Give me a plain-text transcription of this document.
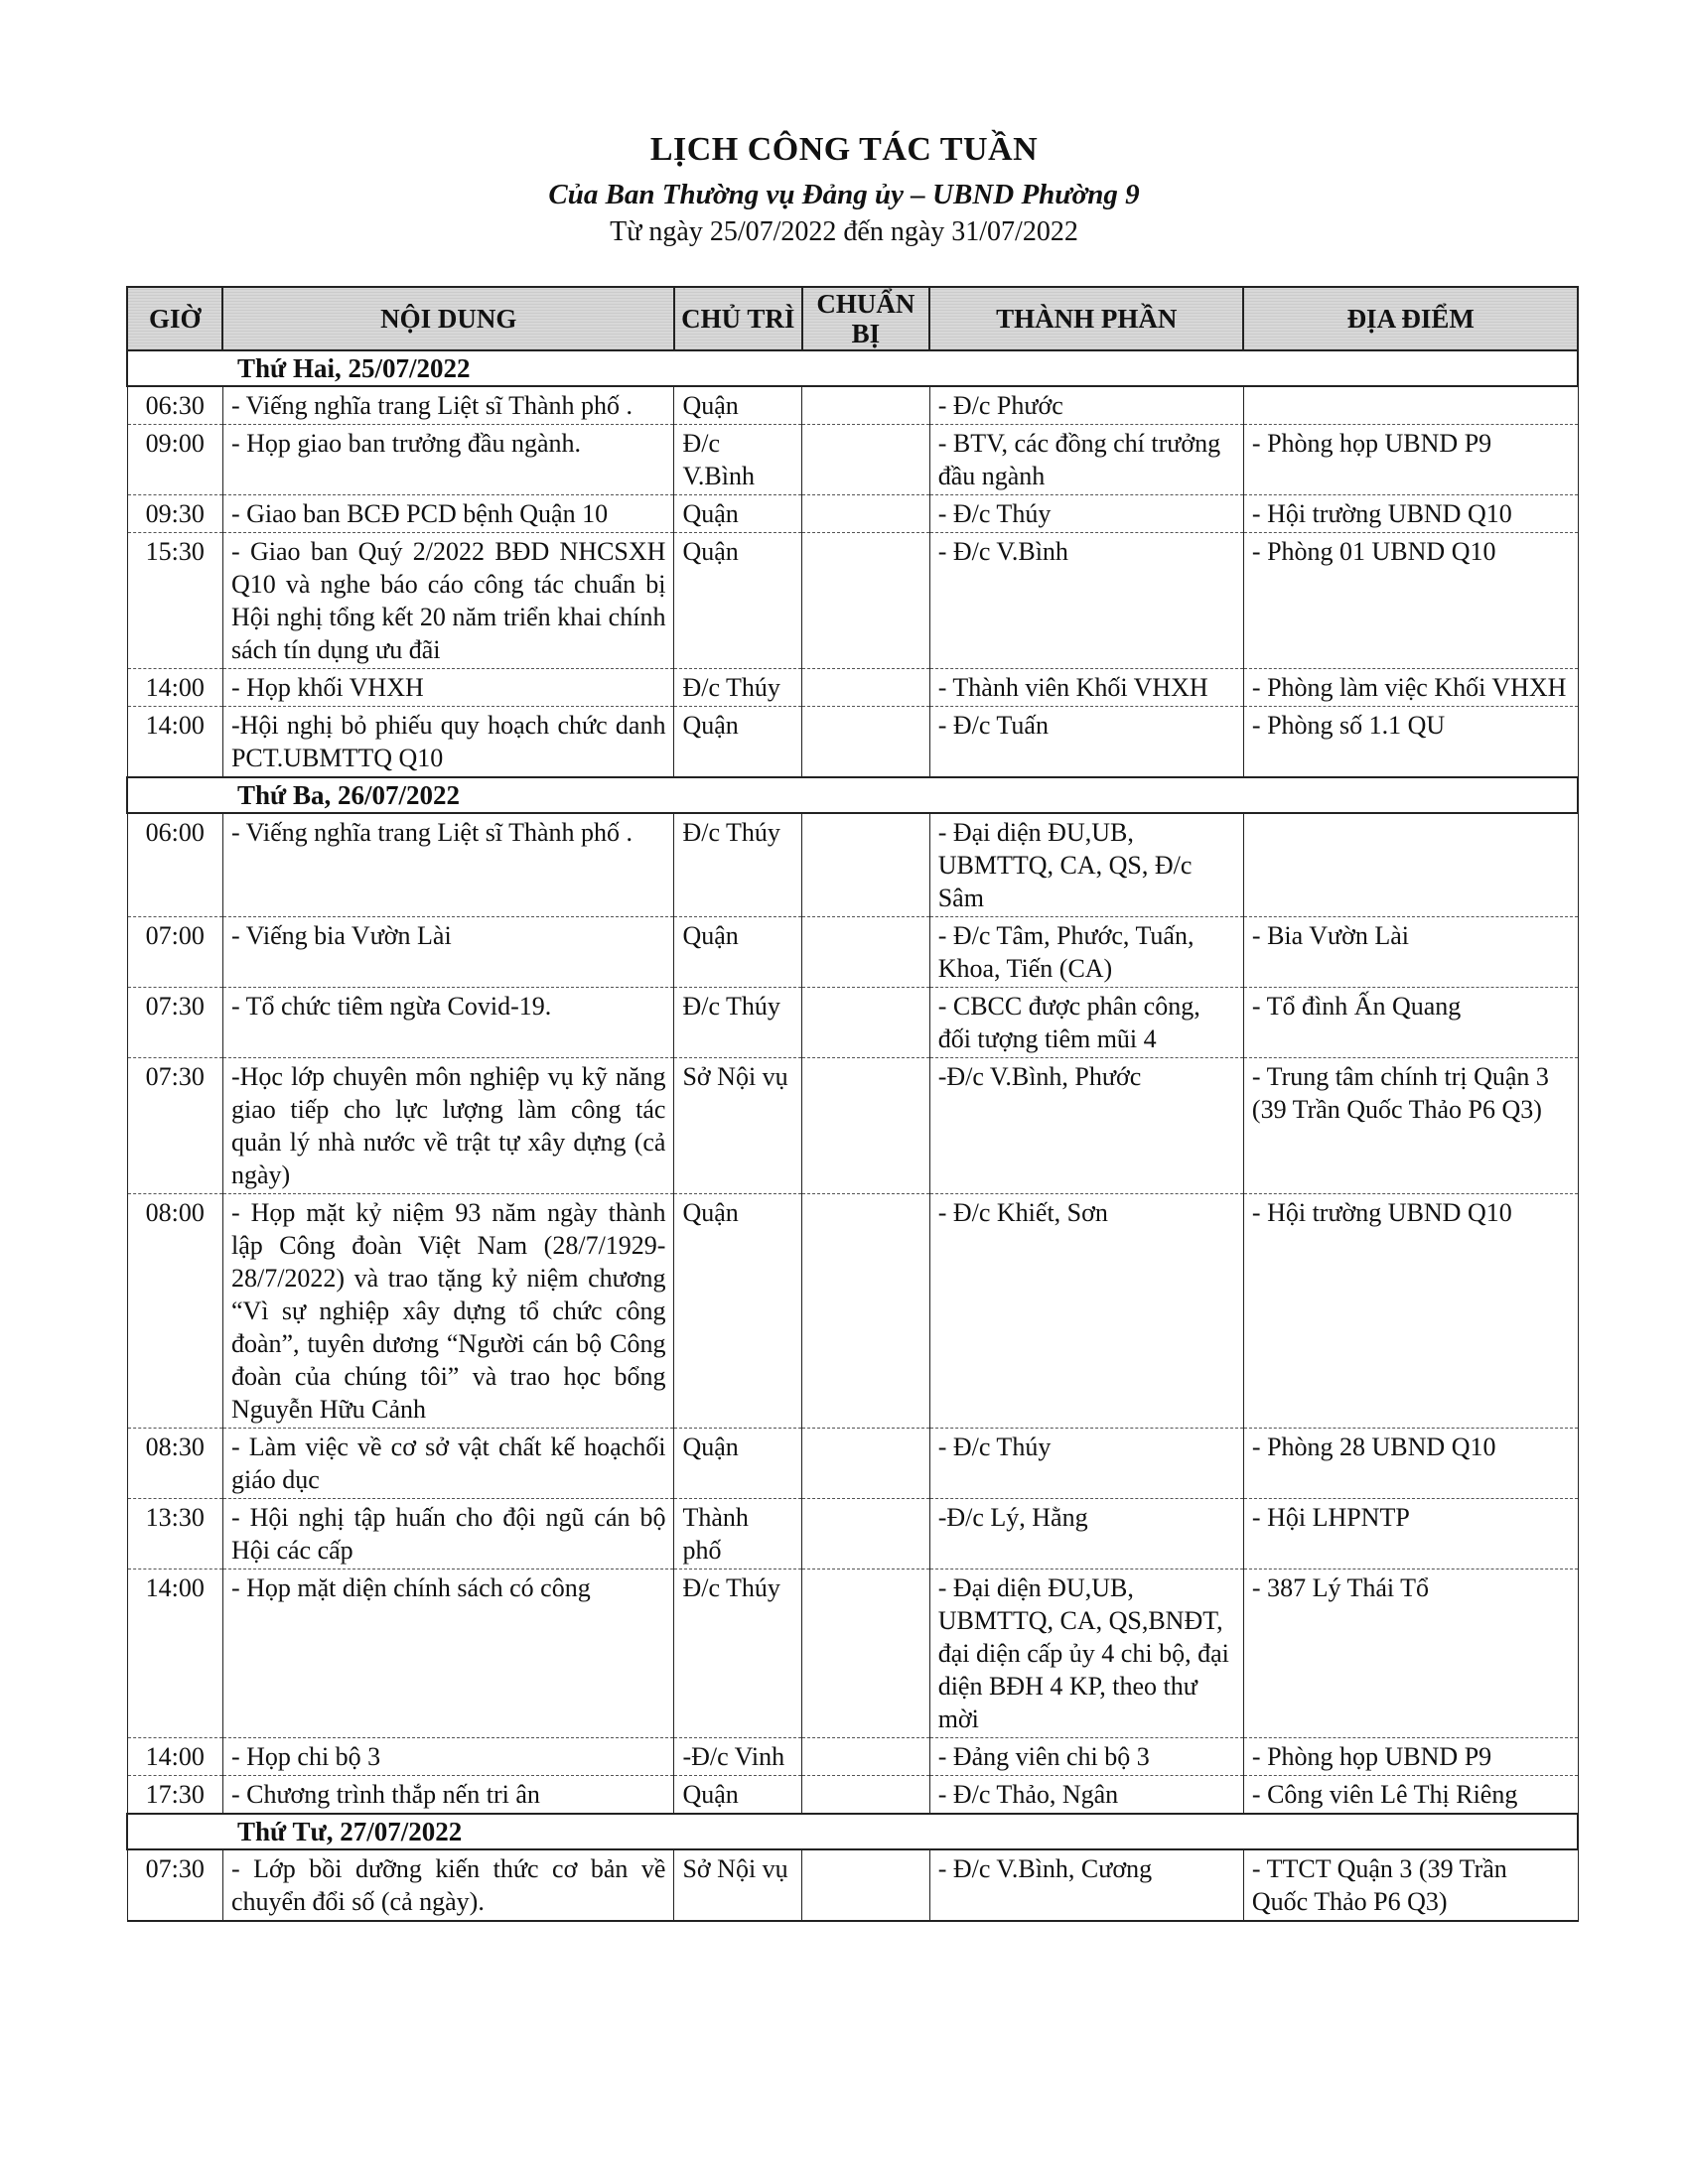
LỊCH CÔNG TÁC TUẦN
Của Ban Thường vụ Đảng ủy – UBND Phường 9
Từ ngày 25/07/2022 đến ngày 31/07/2022
GIỜ	NỘI DUNG	CHỦ TRÌ	CHUẨN BỊ	THÀNH PHẦN	ĐỊA ĐIỂM
Thứ Hai, 25/07/2022					
06:30	- Viếng nghĩa trang Liệt sĩ Thành phố .	Quận		- Đ/c Phước	
09:00	- Họp giao ban trưởng đầu ngành.	Đ/c V.Bình		- BTV, các đồng chí trưởng đầu ngành	- Phòng họp UBND P9
09:30	- Giao ban BCĐ PCD bệnh Quận 10	Quận		- Đ/c Thúy	- Hội trường UBND Q10
15:30	- Giao ban Quý 2/2022 BĐD NHCSXH Q10 và nghe báo cáo công tác chuẩn bị Hội nghị tổng kết 20 năm triển khai chính sách tín dụng ưu đãi	Quận		- Đ/c V.Bình	- Phòng 01 UBND Q10
14:00	- Họp khối VHXH	Đ/c Thúy		- Thành viên Khối VHXH	- Phòng làm việc Khối VHXH
14:00	-Hội nghị bỏ phiếu quy hoạch chức danh PCT.UBMTTQ Q10	Quận		- Đ/c Tuấn	- Phòng số 1.1 QU
Thứ Ba, 26/07/2022					
06:00	- Viếng nghĩa trang Liệt sĩ Thành phố .	Đ/c Thúy		- Đại diện ĐU,UB, UBMTTQ, CA, QS, Đ/c Sâm	
07:00	- Viếng bia Vườn Lài	Quận		- Đ/c Tâm, Phước, Tuấn, Khoa, Tiến (CA)	- Bia Vườn Lài
07:30	- Tổ chức tiêm ngừa Covid-19.	Đ/c Thúy		- CBCC được phân công, đối tượng tiêm mũi 4	- Tổ đình Ấn Quang
07:30	-Học lớp chuyên môn nghiệp vụ kỹ năng giao tiếp cho lực lượng làm công tác quản lý nhà nước về trật tự xây dựng (cả ngày)	Sở Nội vụ		-Đ/c V.Bình, Phước	- Trung tâm chính trị Quận 3 (39 Trần Quốc Thảo P6 Q3)
08:00	- Họp mặt kỷ niệm 93 năm ngày thành lập Công đoàn Việt Nam (28/7/1929-28/7/2022) và trao tặng kỷ niệm chương “Vì sự nghiệp xây dựng tổ chức công đoàn”, tuyên dương “Người cán bộ Công đoàn của chúng tôi” và trao học bổng Nguyễn Hữu Cảnh	Quận		- Đ/c Khiết, Sơn	- Hội trường UBND Q10
08:30	- Làm việc về cơ sở vật chất kế hoạchối giáo dục	Quận		- Đ/c Thúy	- Phòng 28 UBND Q10
13:30	- Hội nghị tập huấn cho đội ngũ cán bộ Hội các cấp	Thành phố		-Đ/c Lý, Hằng	- Hội LHPNTP
14:00	- Họp mặt diện chính sách có công	Đ/c Thúy		- Đại diện ĐU,UB, UBMTTQ, CA, QS,BNĐT, đại diện cấp ủy 4 chi bộ, đại diện BĐH 4 KP, theo thư mời	- 387 Lý Thái Tổ
14:00	- Họp chi bộ 3	-Đ/c Vinh		- Đảng viên chi bộ 3	- Phòng họp UBND P9
17:30	- Chương trình thắp nến tri ân	Quận		- Đ/c Thảo, Ngân	- Công viên Lê Thị Riêng
Thứ Tư, 27/07/2022					
07:30	- Lớp bồi dưỡng kiến thức cơ bản về chuyển đổi số (cả ngày).	Sở Nội vụ		- Đ/c V.Bình, Cương	- TTCT Quận 3 (39 Trần Quốc Thảo P6 Q3)
